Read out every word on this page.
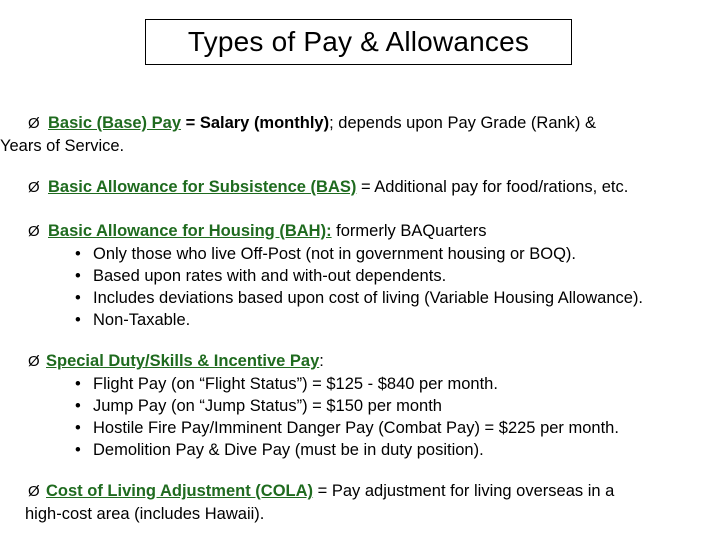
Types of Pay & Allowances
Ø Basic (Base) Pay = Salary (monthly); depends upon Pay Grade (Rank) &
Years of Service.
Ø Basic Allowance for Subsistence (BAS) = Additional pay for food/rations, etc.
Ø Basic Allowance for Housing (BAH): formerly BAQuarters
• Only those who live Off-Post (not in government housing or BOQ).
• Based upon rates with and with-out dependents.
• Includes deviations based upon cost of living (Variable Housing Allowance).
• Non-Taxable.
Ø Special Duty/Skills & Incentive Pay:
• Flight Pay (on “Flight Status”) = $125 - $840 per month.
• Jump Pay (on “Jump Status”) = $150 per month
• Hostile Fire Pay/Imminent Danger Pay (Combat Pay) = $225 per month.
• Demolition Pay & Dive Pay (must be in duty position).
Ø Cost of Living Adjustment (COLA) = Pay adjustment for living overseas in a
high-cost area (includes Hawaii).
